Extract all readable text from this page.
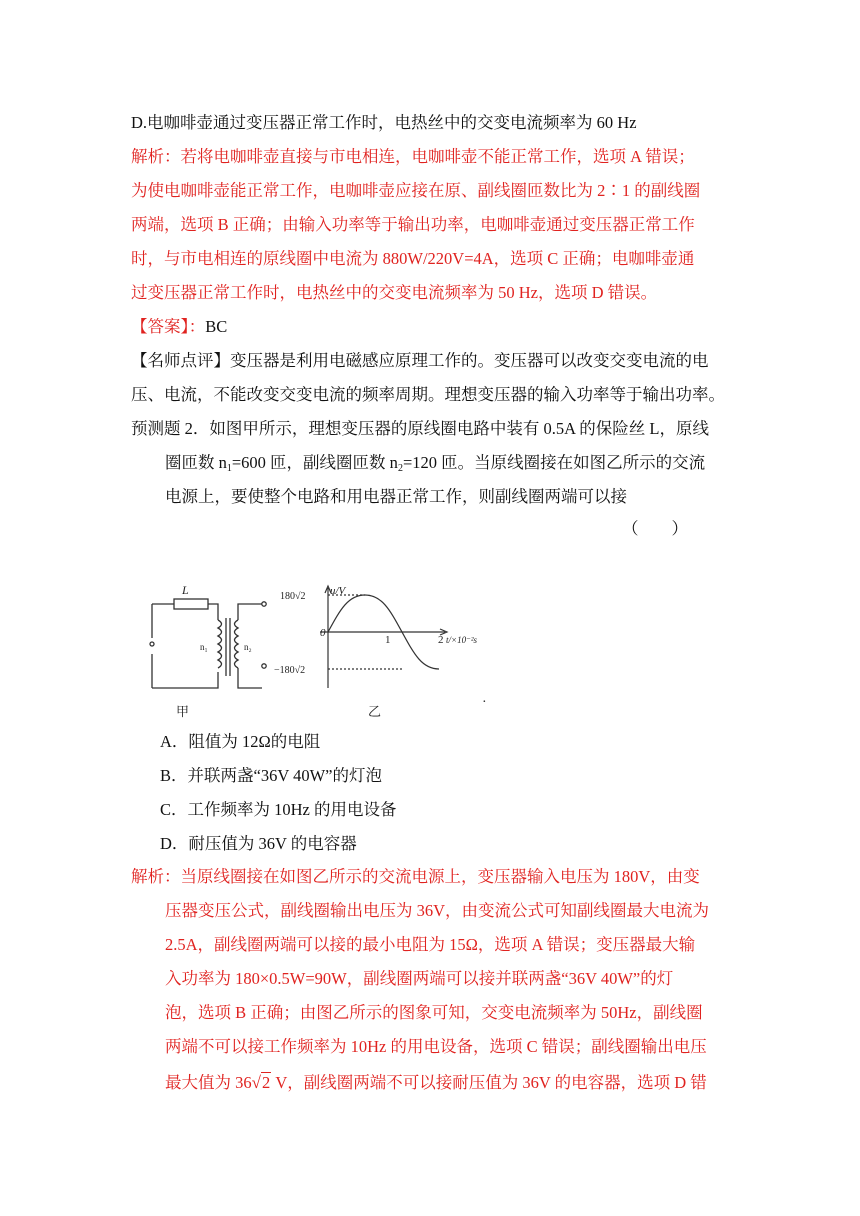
D.电咖啡壶通过变压器正常工作时，电热丝中的交变电流频率为 60 Hz
解析：若将电咖啡壶直接与市电相连，电咖啡壶不能正常工作，选项 A 错误；
为使电咖啡壶能正常工作，电咖啡壶应接在原、副线圈匝数比为 2∶1 的副线圈
两端，选项 B 正确；由输入功率等于输出功率，电咖啡壶通过变压器正常工作
时，与市电相连的原线圈中电流为 880W/220V=4A，选项 C 正确；电咖啡壶通
过变压器正常工作时，电热丝中的交变电流频率为 50 Hz，选项 D 错误。
【答案】：BC
【名师点评】变压器是利用电磁感应原理工作的。变压器可以改变交变电流的电
压、电流，不能改变交变电流的频率周期。理想变压器的输入功率等于输出功率。
预测题 2．如图甲所示，理想变压器的原线圈电路中装有 0.5A 的保险丝 L，原线
圈匝数 $n_1=600$ 匝，副线圈匝数 $n_2=120$ 匝。当原线圈接在如图乙所示的交流
电源上，要使整个电路和用电器正常工作，则副线圈两端可以接
（　　）
L
n₁	n₂
甲
u/V
180√2
−180√2
0
1	2 t/×10⁻²s
乙
·
A．阻值为 12Ω的电阻
B．并联两盏“36V 40W”的灯泡
C．工作频率为 10Hz 的用电设备
D．耐压值为 36V 的电容器
解析：当原线圈接在如图乙所示的交流电源上，变压器输入电压为 180V，由变
压器变压公式，副线圈输出电压为 36V，由变流公式可知副线圈最大电流为
2.5A，副线圈两端可以接的最小电阻为 15Ω，选项 A 错误；变压器最大输
入功率为 180×0.5W=90W，副线圈两端可以接并联两盏“36V 40W”的灯
泡，选项 B 正确；由图乙所示的图象可知，交变电流频率为 50Hz，副线圈
两端不可以接工作频率为 10Hz 的用电设备，选项 C 错误；副线圈输出电压
最大值为 36√2 V，副线圈两端不可以接耐压值为 36V 的电容器，选项 D 错
